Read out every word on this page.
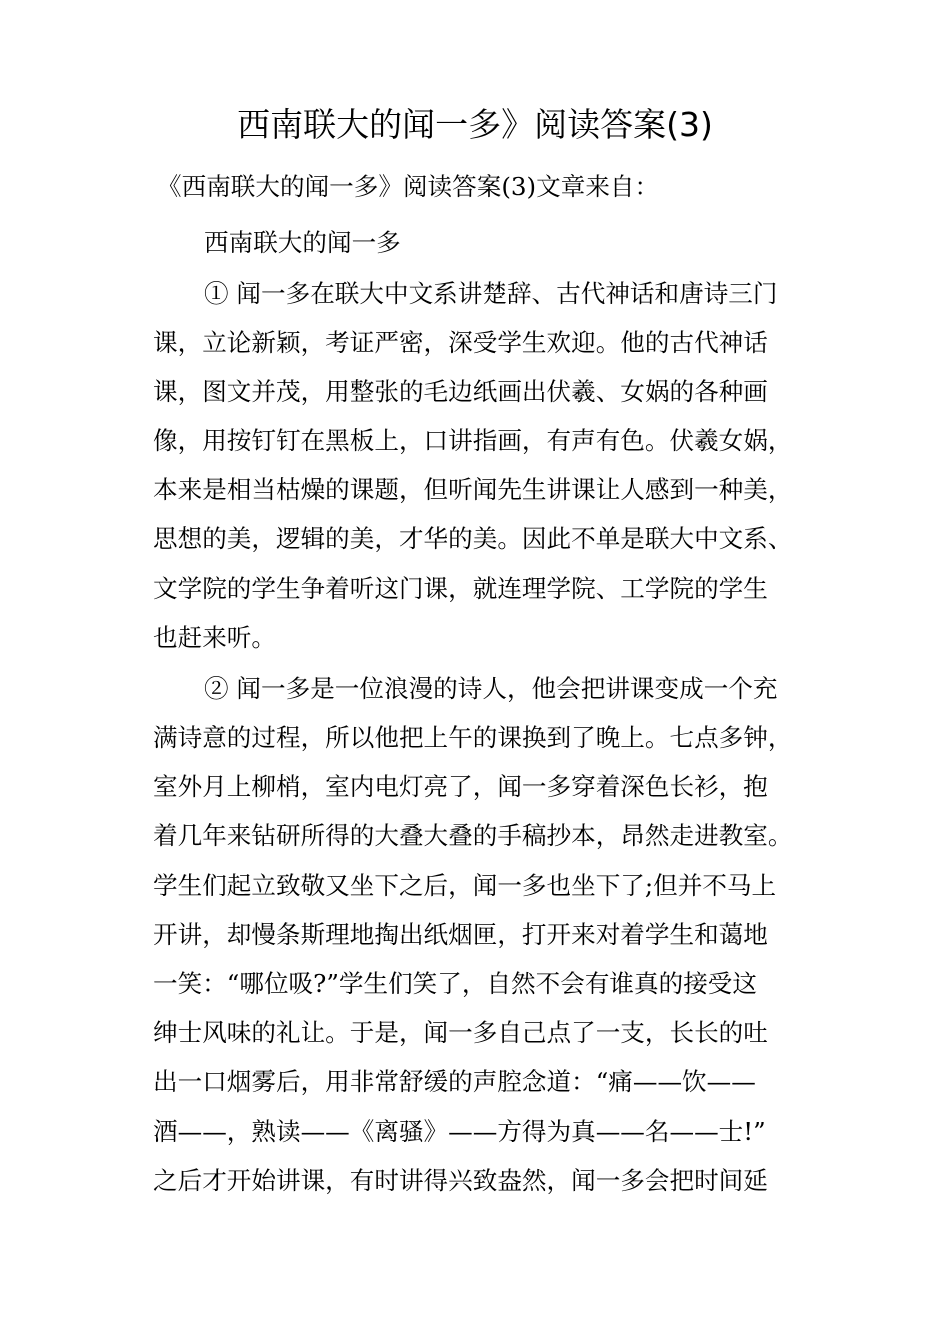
西南联大的闻一多》阅读答案(3)

《西南联大的闻一多》阅读答案(3)文章来自：

西南联大的闻一多

① 闻一多在联大中文系讲楚辞、古代神话和唐诗三门

课，立论新颖，考证严密，深受学生欢迎。他的古代神话

课，图文并茂，用整张的毛边纸画出伏羲、女娲的各种画

像，用按钉钉在黑板上，口讲指画，有声有色。伏羲女娲，

本来是相当枯燥的课题，但听闻先生讲课让人感到一种美，

思想的美，逻辑的美，才华的美。因此不单是联大中文系、

文学院的学生争着听这门课，就连理学院、工学院的学生

也赶来听。

② 闻一多是一位浪漫的诗人，他会把讲课变成一个充

满诗意的过程，所以他把上午的课换到了晚上。七点多钟，

室外月上柳梢，室内电灯亮了，闻一多穿着深色长衫，抱

着几年来钻研所得的大叠大叠的手稿抄本，昂然走进教室。

学生们起立致敬又坐下之后，闻一多也坐下了;但并不马上

开讲，却慢条斯理地掏出纸烟匣，打开来对着学生和蔼地

一笑：“哪位吸?”学生们笑了，自然不会有谁真的接受这

绅士风味的礼让。于是，闻一多自己点了一支，长长的吐

出一口烟雾后，用非常舒缓的声腔念道：“痛——饮——

酒——，熟读——《离骚》——方得为真——名——士!”

之后才开始讲课，有时讲得兴致盎然，闻一多会把时间延
